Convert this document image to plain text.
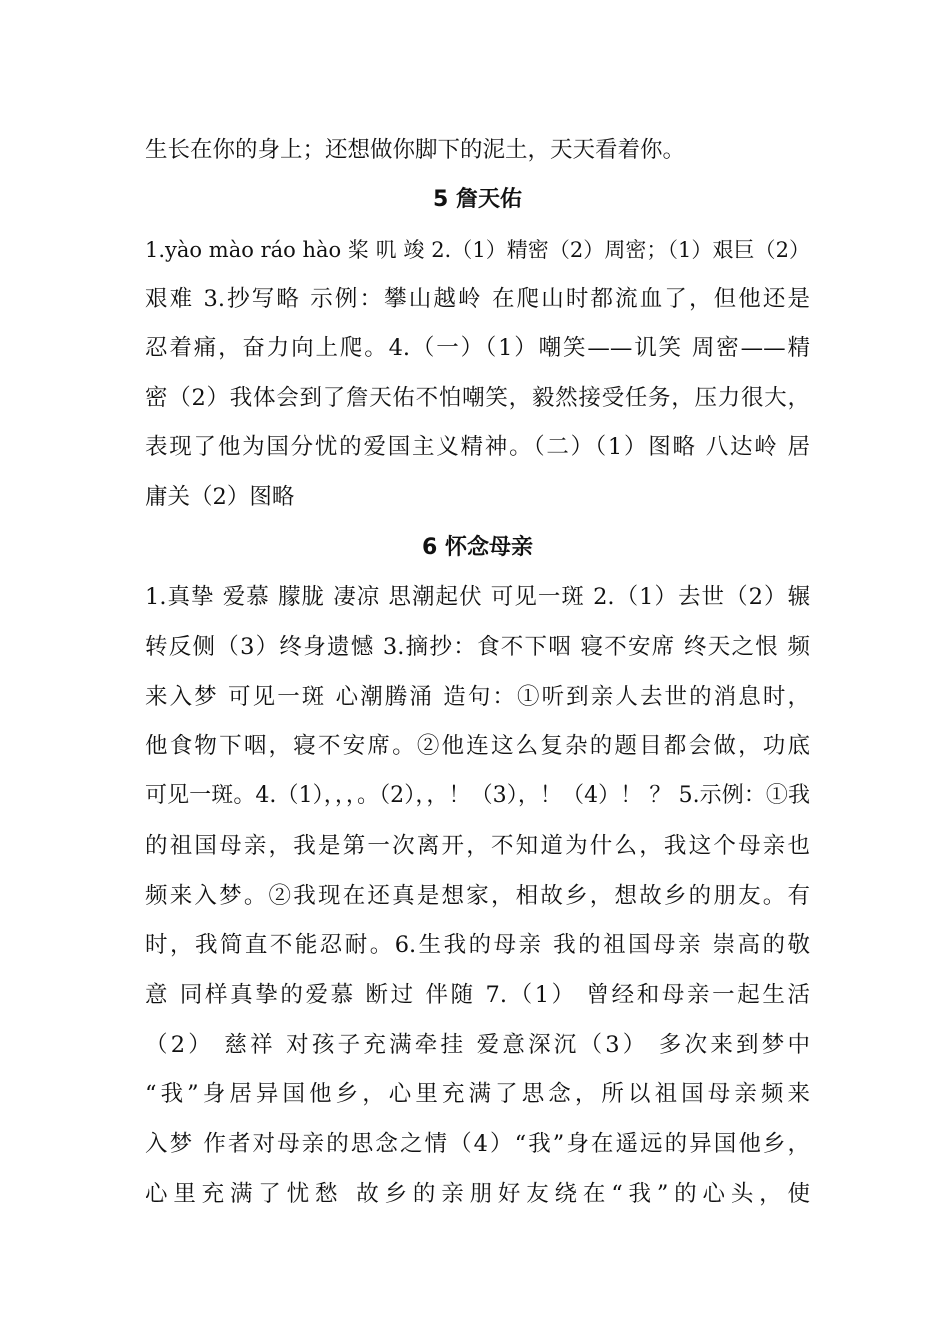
生长在你的身上；还想做你脚下的泥土，天天看着你。
5 詹天佑
1.yào mào ráo hào 桨 叽 竣 2.（1）精密（2）周密；（1）艰巨（2）
艰难 3.抄写略 示例：攀山越岭 在爬山时都流血了，但他还是
忍着痛，奋力向上爬。4.（一）（1）嘲笑——讥笑 周密——精
密（2）我体会到了詹天佑不怕嘲笑，毅然接受任务，压力很大，
表现了他为国分忧的爱国主义精神。（二）（1）图略 八达岭 居
庸关（2）图略
6 怀念母亲
1.真挚 爱慕 朦胧 凄凉 思潮起伏 可见一斑 2.（1）去世（2）辗
转反侧（3）终身遗憾 3.摘抄：食不下咽 寝不安席 终天之恨 频
来入梦 可见一斑 心潮腾涌 造句：①听到亲人去世的消息时，
他食物下咽，寝不安席。②他连这么复杂的题目都会做，功底
可见一斑。4.（1），，，。（2），，！（3），！（4）！ ？ 5.示例：①我
的祖国母亲，我是第一次离开，不知道为什么，我这个母亲也
频来入梦。②我现在还真是想家，相故乡，想故乡的朋友。有
时，我简直不能忍耐。6.生我的母亲 我的祖国母亲 崇高的敬
意 同样真挚的爱慕 断过 伴随 7.（1） 曾经和母亲一起生活
（2） 慈祥 对孩子充满牵挂 爱意深沉（3） 多次来到梦中
“我”身居异国他乡，心里充满了思念，所以祖国母亲频来
入梦 作者对母亲的思念之情（4）“我”身在遥远的异国他乡，
心里充满了忧愁 故乡的亲朋好友绕在“我”的心头，使
